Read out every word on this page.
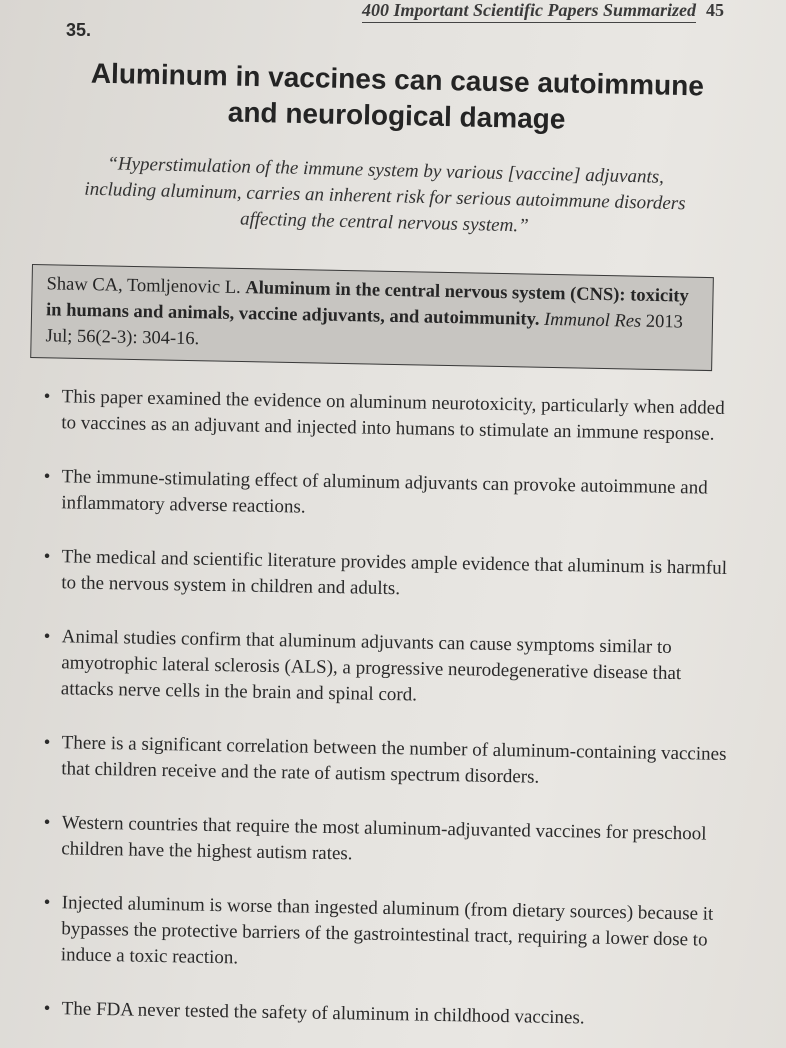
400 Important Scientific Papers Summarized 45
35.
Aluminum in vaccines can cause autoimmune and neurological damage

“Hyperstimulation of the immune system by various [vaccine] adjuvants, including aluminum, carries an inherent risk for serious autoimmune disorders affecting the central nervous system.”

Shaw CA, Tomljenovic L. Aluminum in the central nervous system (CNS): toxicity in humans and animals, vaccine adjuvants, and autoimmunity. Immunol Res 2013 Jul; 56(2-3): 304-16.
• This paper examined the evidence on aluminum neurotoxicity, particularly when added to vaccines as an adjuvant and injected into humans to stimulate an immune response.
• The immune-stimulating effect of aluminum adjuvants can provoke autoimmune and inflammatory adverse reactions.
• The medical and scientific literature provides ample evidence that aluminum is harmful to the nervous system in children and adults.
• Animal studies confirm that aluminum adjuvants can cause symptoms similar to amyotrophic lateral sclerosis (ALS), a progressive neurodegenerative disease that attacks nerve cells in the brain and spinal cord.
• There is a significant correlation between the number of aluminum-containing vaccines that children receive and the rate of autism spectrum disorders.
• Western countries that require the most aluminum-adjuvanted vaccines for preschool children have the highest autism rates.
• Injected aluminum is worse than ingested aluminum (from dietary sources) because it bypasses the protective barriers of the gastrointestinal tract, requiring a lower dose to induce a toxic reaction.
• The FDA never tested the safety of aluminum in childhood vaccines.
